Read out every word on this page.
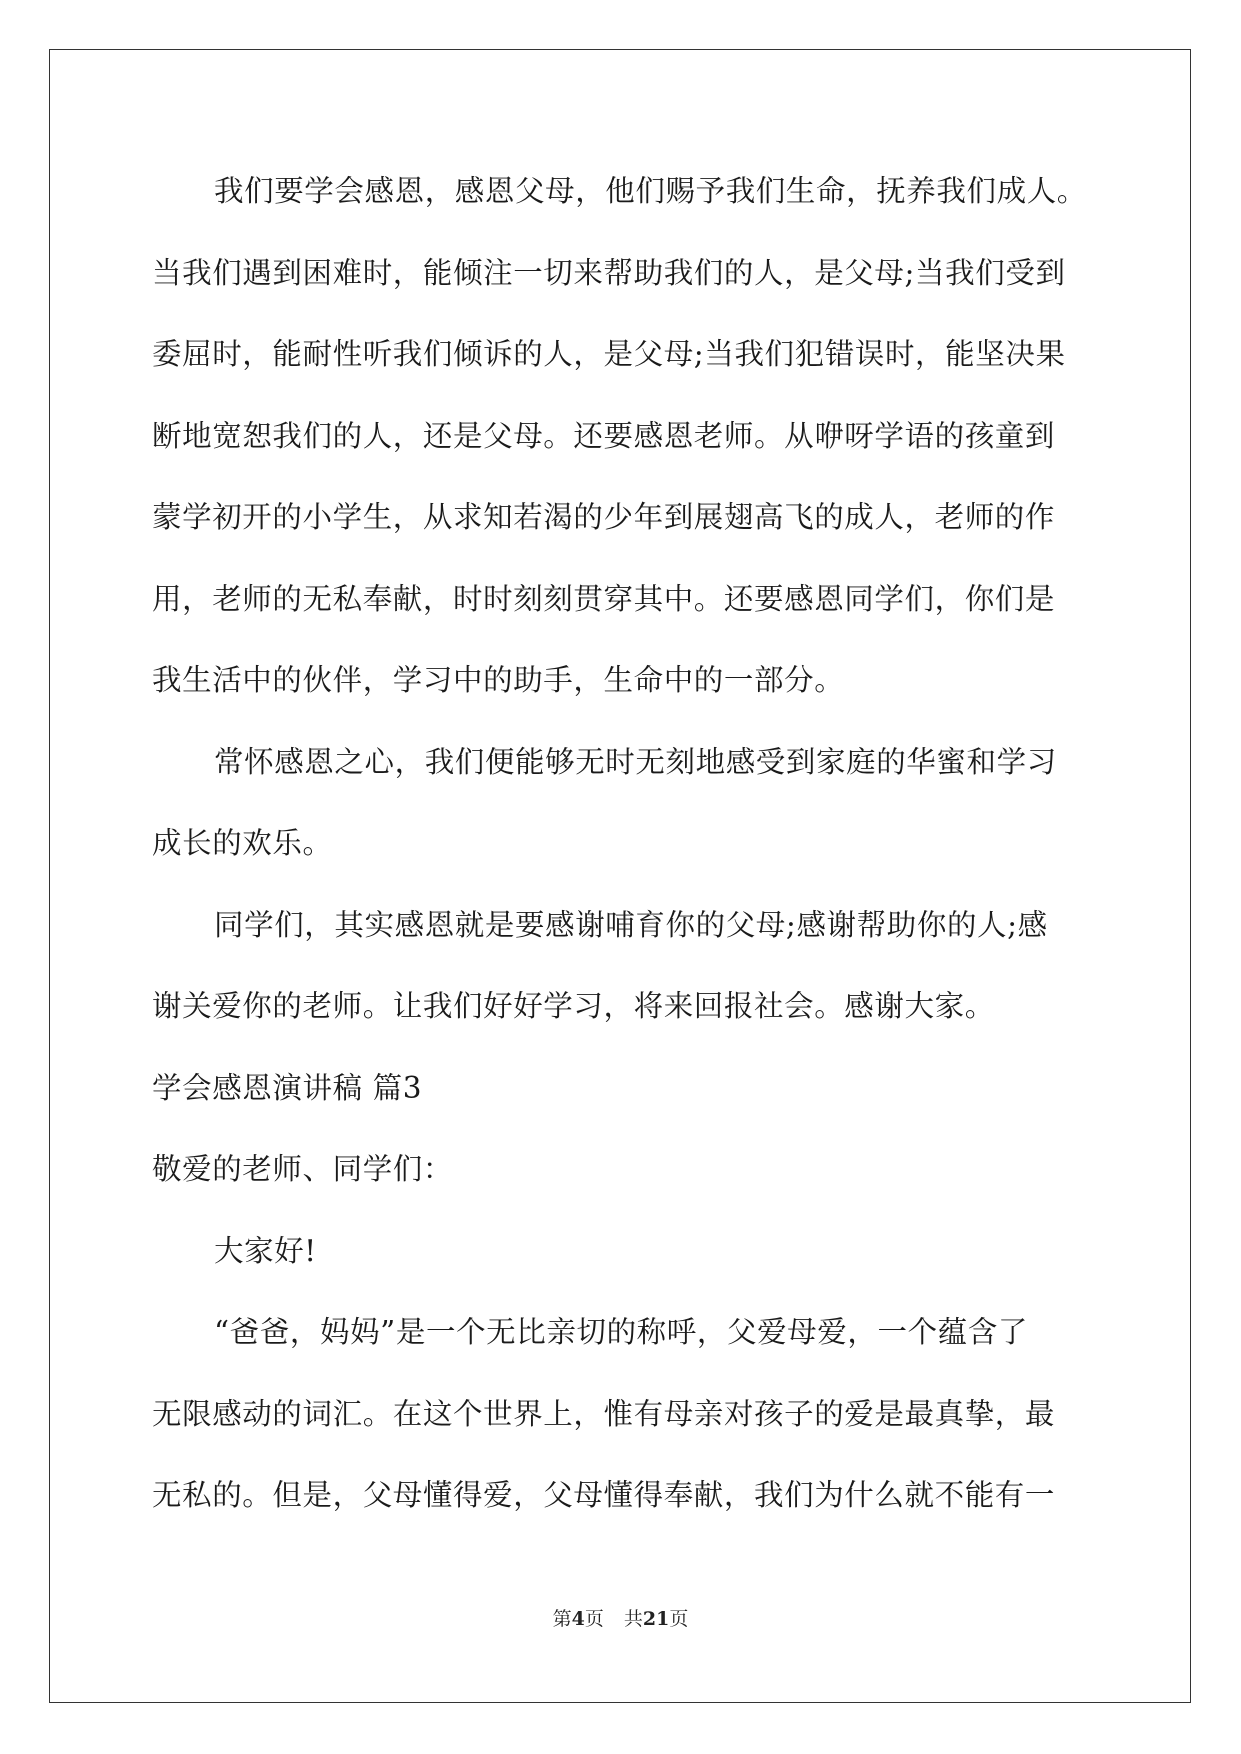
我们要学会感恩，感恩父母，他们赐予我们生命，抚养我们成人。
当我们遇到困难时，能倾注一切来帮助我们的人，是父母;当我们受到
委屈时，能耐性听我们倾诉的人，是父母;当我们犯错误时，能坚决果
断地宽恕我们的人，还是父母。还要感恩老师。从咿呀学语的孩童到
蒙学初开的小学生，从求知若渴的少年到展翅高飞的成人，老师的作
用，老师的无私奉献，时时刻刻贯穿其中。还要感恩同学们，你们是
我生活中的伙伴，学习中的助手，生命中的一部分。
常怀感恩之心，我们便能够无时无刻地感受到家庭的华蜜和学习
成长的欢乐。
同学们，其实感恩就是要感谢哺育你的父母;感谢帮助你的人;感
谢关爱你的老师。让我们好好学习，将来回报社会。感谢大家。
学会感恩演讲稿 篇3
敬爱的老师、同学们：
大家好!
“爸爸，妈妈”是一个无比亲切的称呼，父爱母爱，一个蕴含了
无限感动的词汇。在这个世界上，惟有母亲对孩子的爱是最真挚，最
无私的。但是，父母懂得爱，父母懂得奉献，我们为什么就不能有一
第4页 共21页
